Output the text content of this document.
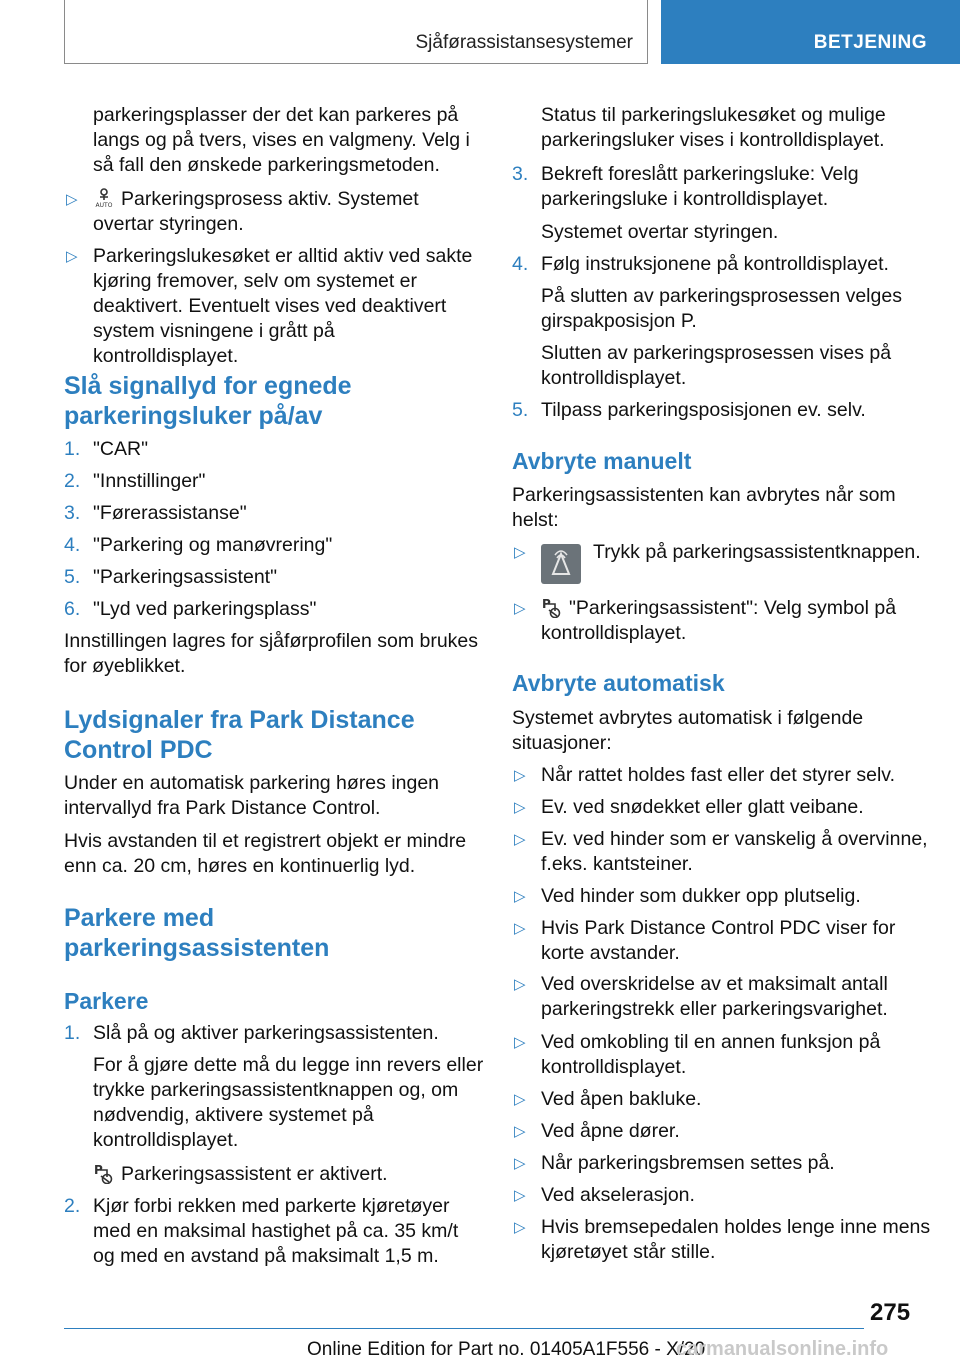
Sjåførassistansesystemer	BETJENING
parkeringsplasser der det kan parkeres på langs og på tvers, vises en valgmeny. Velg i så fall den ønskede parkeringsmetoden.
▷	AUTO Parkeringsprosess aktiv. Systemet overtar styringen.
▷ Parkeringslukesøket er alltid aktiv ved sakte kjøring fremover, selv om systemet er deaktivert. Eventuelt vises ved deaktivert system visningene i grått på kontrolldisplayet.
Slå signallyd for egnede parkeringsluker på/av
1. "CAR"
2. "Innstillinger"
3. "Førerassistanse"
4. "Parkering og manøvrering"
5. "Parkeringsassistent"
6. "Lyd ved parkeringsplass"
Innstillingen lagres for sjåførprofilen som brukes for øyeblikket.
Lydsignaler fra Park Distance Control PDC
Under en automatisk parkering høres ingen intervallyd fra Park Distance Control.
Hvis avstanden til et registrert objekt er mindre enn ca. 20 cm, høres en kontinuerlig lyd.
Parkere med parkeringsassistenten
Parkere
1. Slå på og aktiver parkeringsassistenten.
For å gjøre dette må du legge inn revers eller trykke parkeringsassistentknappen og, om nødvendig, aktivere systemet på kontrolldisplayet.
P Parkeringsassistent er aktivert.
2. Kjør forbi rekken med parkerte kjøretøyer med en maksimal hastighet på ca. 35 km/t og med en avstand på maksimalt 1,5 m.
Status til parkeringslukesøket og mulige parkeringsluker vises i kontrolldisplayet.
3. Bekreft foreslått parkeringsluke: Velg parkeringsluke i kontrolldisplayet.
Systemet overtar styringen.
4. Følg instruksjonene på kontrolldisplayet.
På slutten av parkeringsprosessen velges girspakposisjon P.
Slutten av parkeringsprosessen vises på kontrolldisplayet.
5. Tilpass parkeringsposisjonen ev. selv.
Avbryte manuelt
Parkeringsassistenten kan avbrytes når som helst:
▷	Trykk på parkeringsassistentknappen.
▷ P "Parkeringsassistent": Velg symbol på kontrolldisplayet.
Avbryte automatisk
Systemet avbrytes automatisk i følgende situasjoner:
▷ Når rattet holdes fast eller det styrer selv.
▷ Ev. ved snødekket eller glatt veibane.
▷ Ev. ved hinder som er vanskelig å overvinne, f.eks. kantsteiner.
▷ Ved hinder som dukker opp plutselig.
▷ Hvis Park Distance Control PDC viser for korte avstander.
▷ Ved overskridelse av et maksimalt antall parkeringstrekk eller parkeringsvarighet.
▷ Ved omkobling til en annen funksjon på kontrolldisplayet.
▷ Ved åpen bakluke.
▷ Ved åpne dører.
▷ Når parkeringsbremsen settes på.
▷ Ved akselerasjon.
▷ Hvis bremsepedalen holdes lenge inne mens kjøretøyet står stille.
275
Online Edition for Part no. 01405A1F556 - X/20
carmanualsonline.info
